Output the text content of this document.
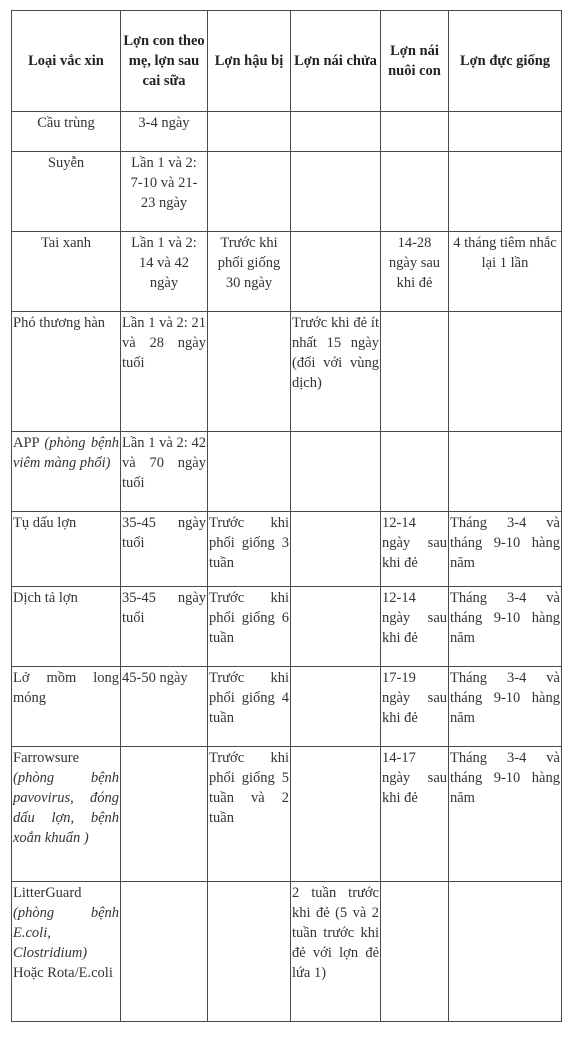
Loại vắc xin	Lợn con theo mẹ, lợn sau cai sữa	Lợn hậu bị	Lợn nái chửa	Lợn nái nuôi con	Lợn đực giống

Cầu trùng	3-4 ngày				

Suyễn	Lần 1 và 2: 7-10 và 21-23 ngày				

Tai xanh	Lần 1 và 2: 14 và 42 ngày	Trước khi phối giống 30 ngày		14-28 ngày sau khi đẻ	4 tháng tiêm nhắc lại 1 lần

Phó thương hàn	Lần 1 và 2: 21 và 28 ngày tuổi		Trước khi đẻ ít nhất 15 ngày (đối với vùng dịch)		

APP (phòng bệnh viêm màng phổi)	Lần 1 và 2: 42 và 70 ngày tuổi				

Tụ dấu lợn	35-45 ngày tuổi	Trước khi phối giống 3 tuần		12-14 ngày sau khi đẻ	Tháng 3-4 và tháng 9-10 hàng năm

Dịch tả lợn	35-45 ngày tuổi	Trước khi phối giống 6 tuần		12-14 ngày sau khi đẻ	Tháng 3-4 và tháng 9-10 hàng năm

Lở mồm long móng	45-50 ngày	Trước khi phối giống 4 tuần		17-19 ngày sau khi đẻ	Tháng 3-4 và tháng 9-10 hàng năm

Farrowsure (phòng bệnh pavovirus, đóng dấu lợn, bệnh xoắn khuẩn )		Trước khi phối giống 5 tuần và 2 tuần		14-17 ngày sau khi đẻ	Tháng 3-4 và tháng 9-10 hàng năm

LitterGuard (phòng bệnh E.coli, Clostridium) Hoặc Rota/E.coli			2 tuần trước khi đẻ (5 và 2 tuần trước khi đẻ với lợn đẻ lứa 1)		
